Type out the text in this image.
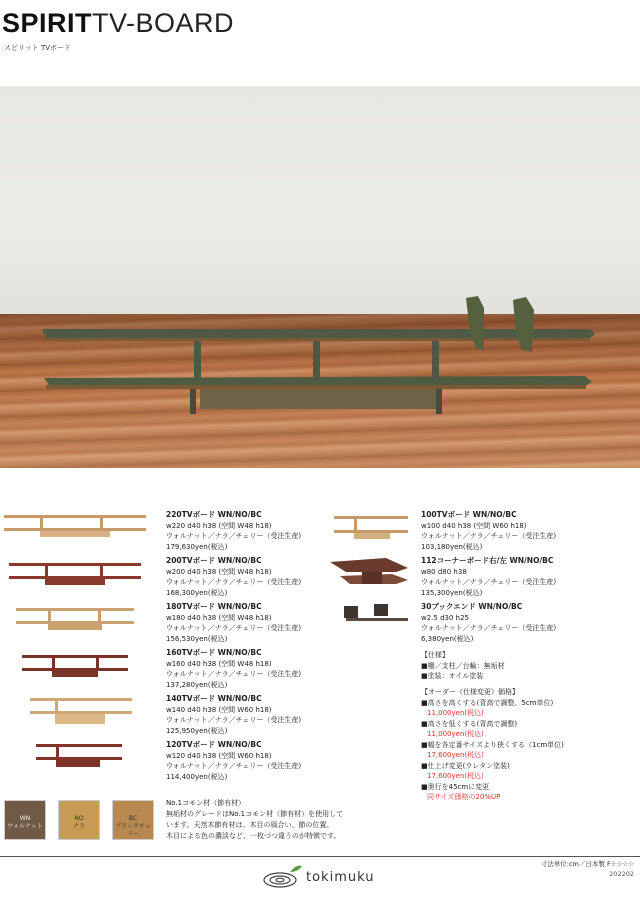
SPIRITTV-BOARD
スピリット TVボード
220TVボード WN/NO/BC
w220 d40 h38 (空間 W48 h18)
ウォルナット／ナラ／チェリー（受注生産)
179,630yen(税込)
200TVボード WN/NO/BC
w200 d40 h38 (空間 W48 h18)
ウォルナット／ナラ／チェリー（受注生産)
168,300yen(税込)
180TVボード WN/NO/BC
w180 d40 h38 (空間 W48 h18)
ウォルナット／ナラ／チェリー（受注生産)
156,530yen(税込)
160TVボード WN/NO/BC
w160 d40 h38 (空間 W48 h18)
ウォルナット／ナラ／チェリー（受注生産)
137,280yen(税込)
140TVボード WN/NO/BC
w140 d40 h38 (空間 W60 h18)
ウォルナット／ナラ／チェリー（受注生産)
125,950yen(税込)
120TVボード WN/NO/BC
w120 d40 h38 (空間 W60 h18)
ウォルナット／ナラ／チェリー（受注生産)
114,400yen(税込)
100TVボード WN/NO/BC
w100 d40 h38 (空間 W60 h18)
ウォルナット／ナラ／チェリー（受注生産)
103,180yen(税込)
112コーナーボード右/左 WN/NO/BC
w80 d80 h38
ウォルナット／ナラ／チェリー（受注生産)
135,300yen(税込)
30ブックエンド WN/NO/BC
w2.5 d30 h25
ウォルナット／ナラ／チェリー（受注生産)
6,380yen(税込)
【仕様】
■棚／支柱／台輪：無垢材
■塗装：オイル塗装
【オーダー（仕様変更）価格】
■高さを高くする(背高で調整、5cm単位)
11,000yen(税込)
■高さを低くする(背高で調整)
11,000yen(税込)
■幅を各定番サイズより狭くする（1cm単位)
17,600yen(税込)
■仕上げ変更(ウレタン塗装)
17,600yen(税込)
■奥行を45cmに変更
同サイズ価格の20%UP
WN
ウォルナット
NO
ナラ
BC
ブラックチェリー
No.1コモン材（節有材）
無垢材のグレードはNo.1コモン材（節有材）を使用して
います。天然木節有材は、木目の風合い、節の位置、
木目による色の濃淡など、一枚づつ違うのが特徴です。
tokimuku
寸法単位:cm／日本製 F☆☆☆☆
202202
